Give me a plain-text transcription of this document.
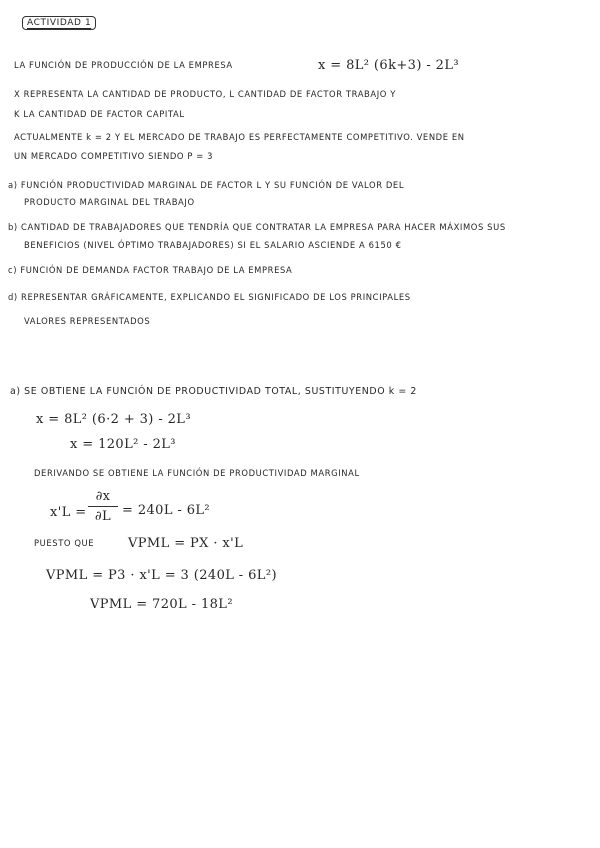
ACTIVIDAD 1
LA FUNCIÓN DE PRODUCCIÓN DE LA EMPRESA	x = 8L² (6k+3) - 2L³
X REPRESENTA LA CANTIDAD DE PRODUCTO, L CANTIDAD DE FACTOR TRABAJO Y
K LA CANTIDAD DE FACTOR CAPITAL
ACTUALMENTE k = 2 Y EL MERCADO DE TRABAJO ES PERFECTAMENTE COMPETITIVO. VENDE EN
UN MERCADO COMPETITIVO SIENDO P = 3
a) FUNCIÓN PRODUCTIVIDAD MARGINAL DE FACTOR L Y SU FUNCIÓN DE VALOR DEL
PRODUCTO MARGINAL DEL TRABAJO
b) CANTIDAD DE TRABAJADORES QUE TENDRÍA QUE CONTRATAR LA EMPRESA PARA HACER MÁXIMOS SUS
BENEFICIOS (NIVEL ÓPTIMO TRABAJADORES) SI EL SALARIO ASCIENDE A 6150 €
c) FUNCIÓN DE DEMANDA FACTOR TRABAJO DE LA EMPRESA
d) REPRESENTAR GRÁFICAMENTE, EXPLICANDO EL SIGNIFICADO DE LOS PRINCIPALES
VALORES REPRESENTADOS
a) SE OBTIENE LA FUNCIÓN DE PRODUCTIVIDAD TOTAL, SUSTITUYENDO k = 2
x = 8L² (6·2 + 3) - 2L³
x = 120L² - 2L³
DERIVANDO SE OBTIENE LA FUNCIÓN DE PRODUCTIVIDAD MARGINAL
x'L =
∂x
∂L = 240L - 6L²
PUESTO QUE	VPML = PX · x'L
VPML = P3 · x'L = 3 (240L - 6L²)
VPML = 720L - 18L²
